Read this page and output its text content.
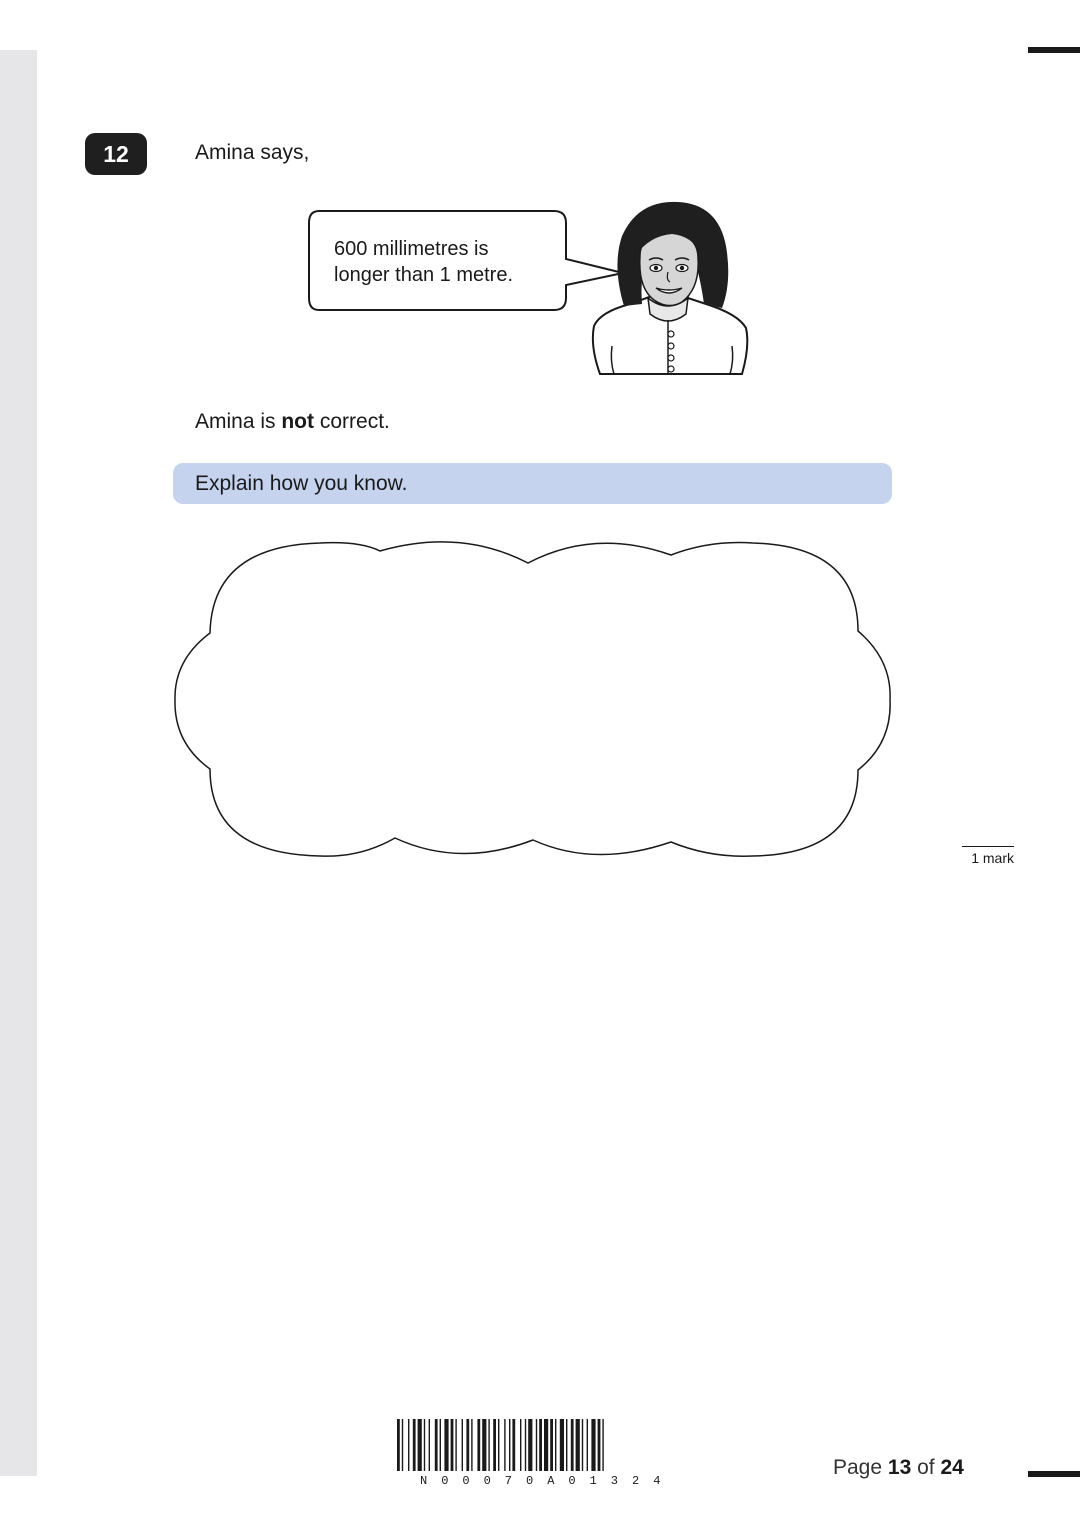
12	Amina says,
600 millimetres is
longer than 1 metre.
Amina is not correct.
Explain how you know.
1 mark
N00070A01324
Page 13 of 24
